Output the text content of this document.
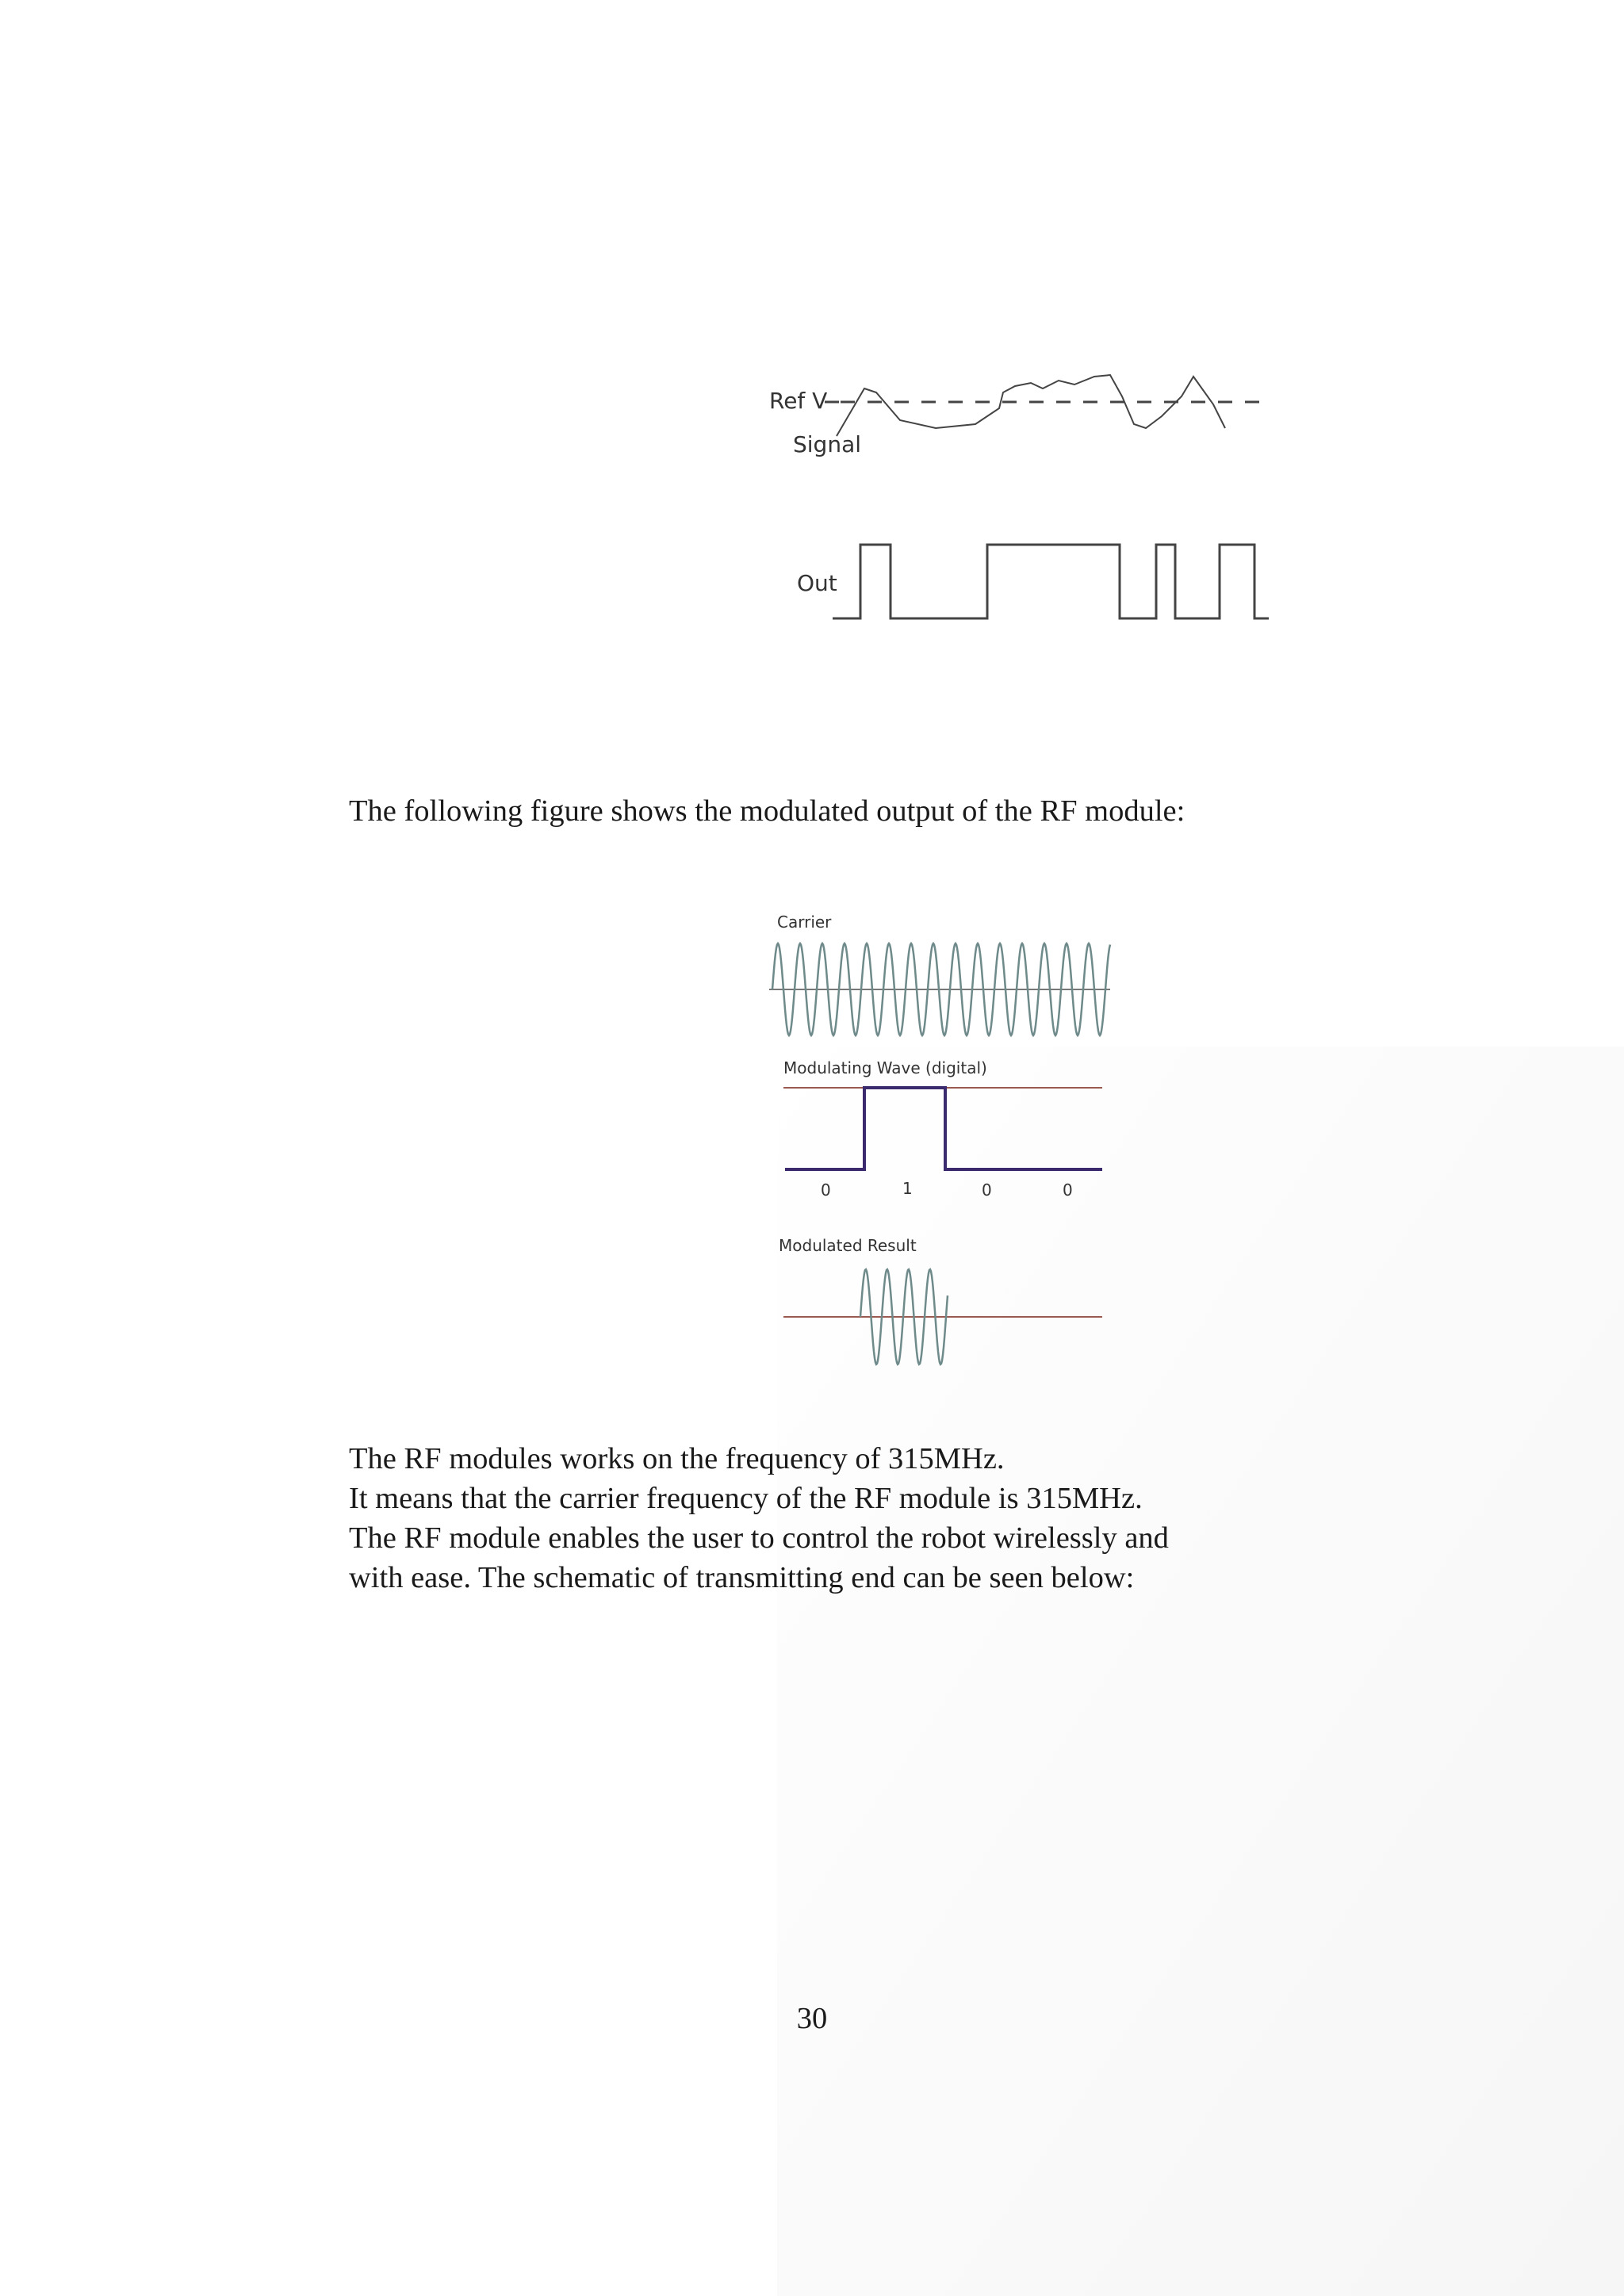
Ref V
Signal
Out

The following figure shows the modulated output of the RF module:

Carrier
Modulating Wave (digital)
0	1	0	0
Modulated Result

The RF modules works on the frequency of 315MHz.
It means that the carrier frequency of the RF module is 315MHz.
The RF module enables the user to control the robot wirelessly and
with ease. The schematic of transmitting end can be seen below:

30
